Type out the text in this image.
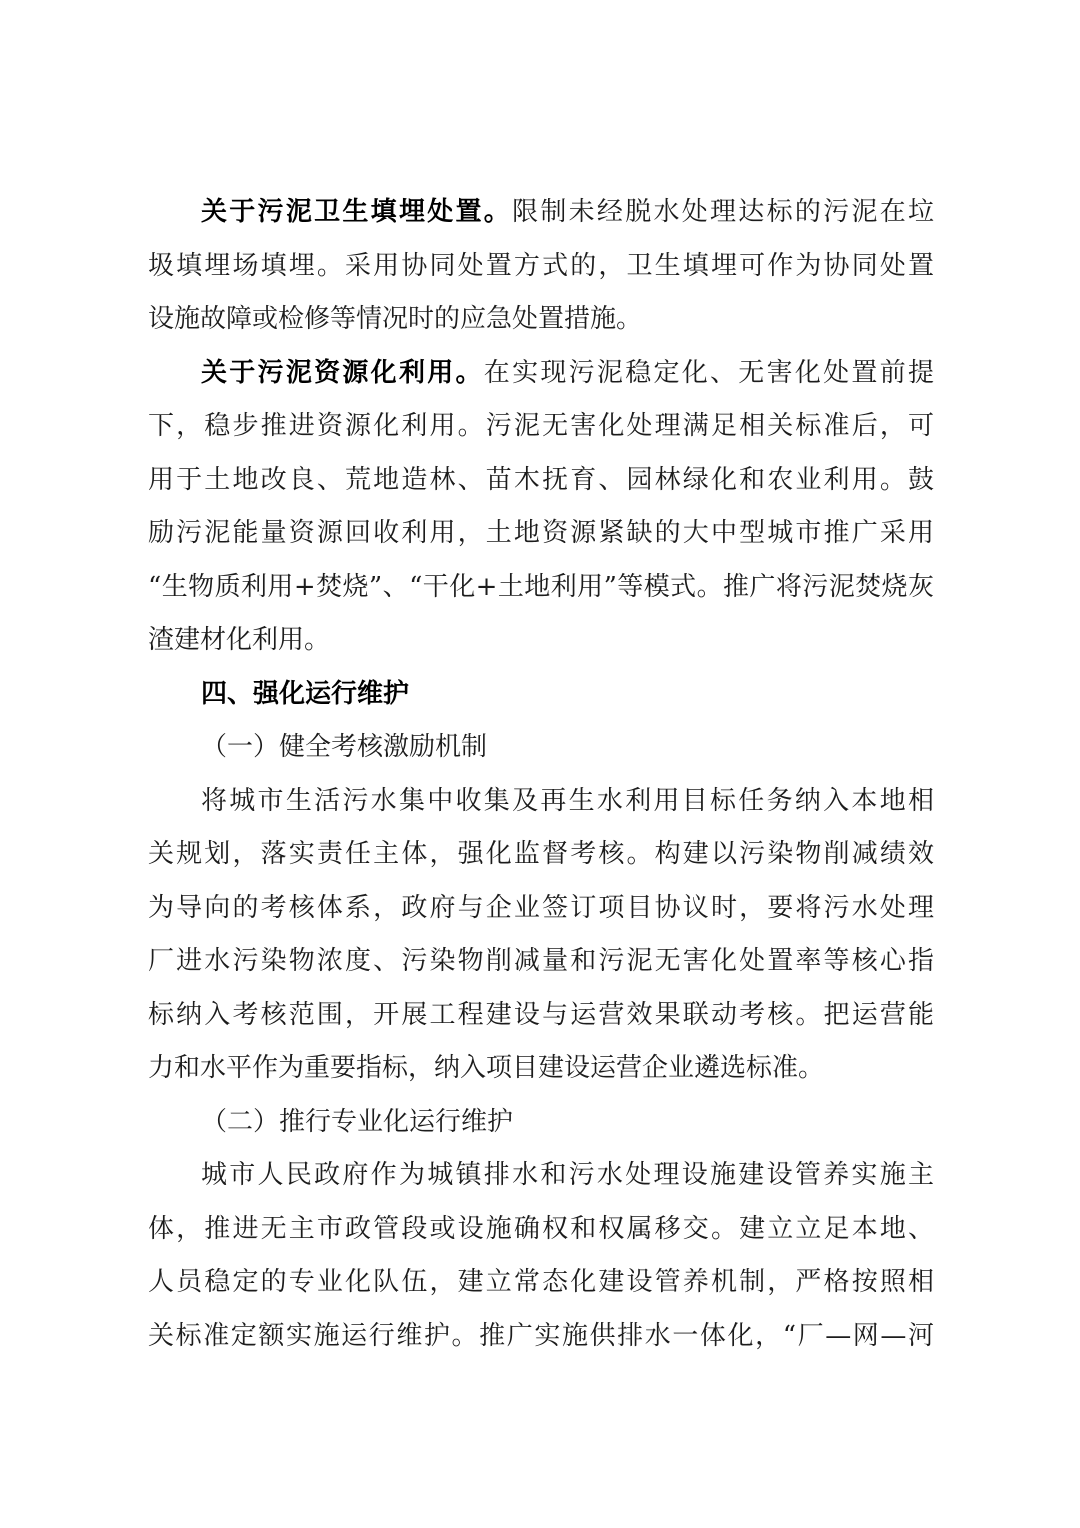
关于污泥卫生填埋处置。限制未经脱水处理达标的污泥在垃
圾填埋场填埋。采用协同处置方式的，卫生填埋可作为协同处置
设施故障或检修等情况时的应急处置措施。
关于污泥资源化利用。在实现污泥稳定化、无害化处置前提
下，稳步推进资源化利用。污泥无害化处理满足相关标准后，可
用于土地改良、荒地造林、苗木抚育、园林绿化和农业利用。鼓
励污泥能量资源回收利用，土地资源紧缺的大中型城市推广采用
“生物质利用+焚烧”、“干化+土地利用”等模式。推广将污泥焚烧灰
渣建材化利用。
四、强化运行维护
（一）健全考核激励机制
将城市生活污水集中收集及再生水利用目标任务纳入本地相
关规划，落实责任主体，强化监督考核。构建以污染物削减绩效
为导向的考核体系，政府与企业签订项目协议时，要将污水处理
厂进水污染物浓度、污染物削减量和污泥无害化处置率等核心指
标纳入考核范围，开展工程建设与运营效果联动考核。把运营能
力和水平作为重要指标，纳入项目建设运营企业遴选标准。
（二）推行专业化运行维护
城市人民政府作为城镇排水和污水处理设施建设管养实施主
体，推进无主市政管段或设施确权和权属移交。建立立足本地、
人员稳定的专业化队伍，建立常态化建设管养机制，严格按照相
关标准定额实施运行维护。推广实施供排水一体化，“厂—网—河
